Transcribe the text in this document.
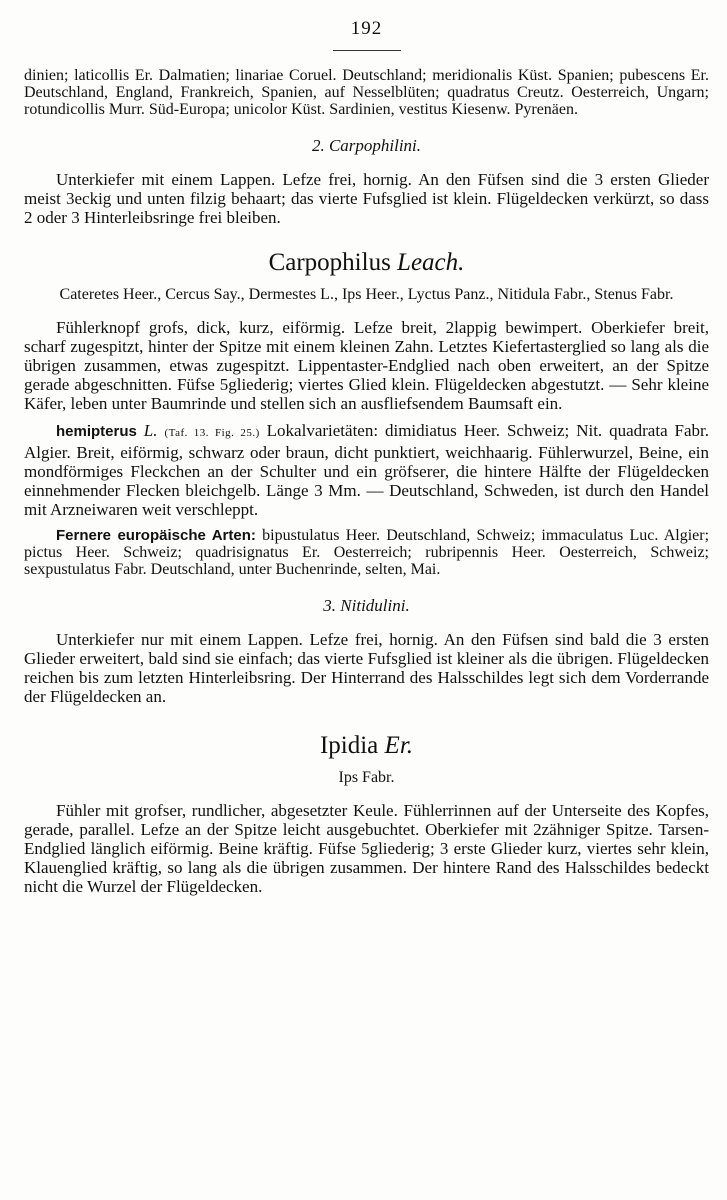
192

dinien; laticollis Er. Dalmatien; linariae Coruel. Deutschland; meridionalis Küst. Spanien; pubescens Er. Deutschland, England, Frankreich, Spanien, auf Nesselblüten; quadratus Creutz. Oesterreich, Ungarn; rotundicollis Murr. Süd-Europa; unicolor Küst. Sardinien, vestitus Kiesenw. Pyrenäen.

2. Carpophilini.

Unterkiefer mit einem Lappen. Lefze frei, hornig. An den Füfsen sind die 3 ersten Glieder meist 3eckig und unten filzig behaart; das vierte Fufsglied ist klein. Flügeldecken verkürzt, so dass 2 oder 3 Hinterleibsringe frei bleiben.

Carpophilus Leach.
Cateretes Heer., Cercus Say., Dermestes L., Ips Heer., Lyctus Panz., Nitidula Fabr., Stenus Fabr.

Fühlerknopf grofs, dick, kurz, eiförmig. Lefze breit, 2lappig bewimpert. Oberkiefer breit, scharf zugespitzt, hinter der Spitze mit einem kleinen Zahn. Letztes Kiefertasterglied so lang als die übrigen zusammen, etwas zugespitzt. Lippentaster-Endglied nach oben erweitert, an der Spitze gerade abgeschnitten. Füfse 5gliederig; viertes Glied klein. Flügeldecken abgestutzt. — Sehr kleine Käfer, leben unter Baumrinde und stellen sich an ausfliefsendem Baumsaft ein.

hemipterus L. (Taf. 13. Fig. 25.) Lokalvarietäten: dimidiatus Heer. Schweiz; Nit. quadrata Fabr. Algier. Breit, eiförmig, schwarz oder braun, dicht punktiert, weichhaarig. Fühlerwurzel, Beine, ein mondförmiges Fleckchen an der Schulter und ein gröfserer, die hintere Hälfte der Flügeldecken einnehmender Flecken bleichgelb. Länge 3 Mm. — Deutschland, Schweden, ist durch den Handel mit Arzneiwaren weit verschleppt.

Fernere europäische Arten: bipustulatus Heer. Deutschland, Schweiz; immaculatus Luc. Algier; pictus Heer. Schweiz; quadrisignatus Er. Oesterreich; rubripennis Heer. Oesterreich, Schweiz; sexpustulatus Fabr. Deutschland, unter Buchenrinde, selten, Mai.

3. Nitidulini.

Unterkiefer nur mit einem Lappen. Lefze frei, hornig. An den Füfsen sind bald die 3 ersten Glieder erweitert, bald sind sie einfach; das vierte Fufsglied ist kleiner als die übrigen. Flügeldecken reichen bis zum letzten Hinterleibsring. Der Hinterrand des Halsschildes legt sich dem Vorderrande der Flügeldecken an.

Ipidia Er.
Ips Fabr.

Fühler mit grofser, rundlicher, abgesetzter Keule. Fühlerrinnen auf der Unterseite des Kopfes, gerade, parallel. Lefze an der Spitze leicht ausgebuchtet. Oberkiefer mit 2zähniger Spitze. Tarsen-Endglied länglich eiförmig. Beine kräftig. Füfse 5gliederig; 3 erste Glieder kurz, viertes sehr klein, Klauenglied kräftig, so lang als die übrigen zusammen. Der hintere Rand des Halsschildes bedeckt nicht die Wurzel der Flügeldecken.
